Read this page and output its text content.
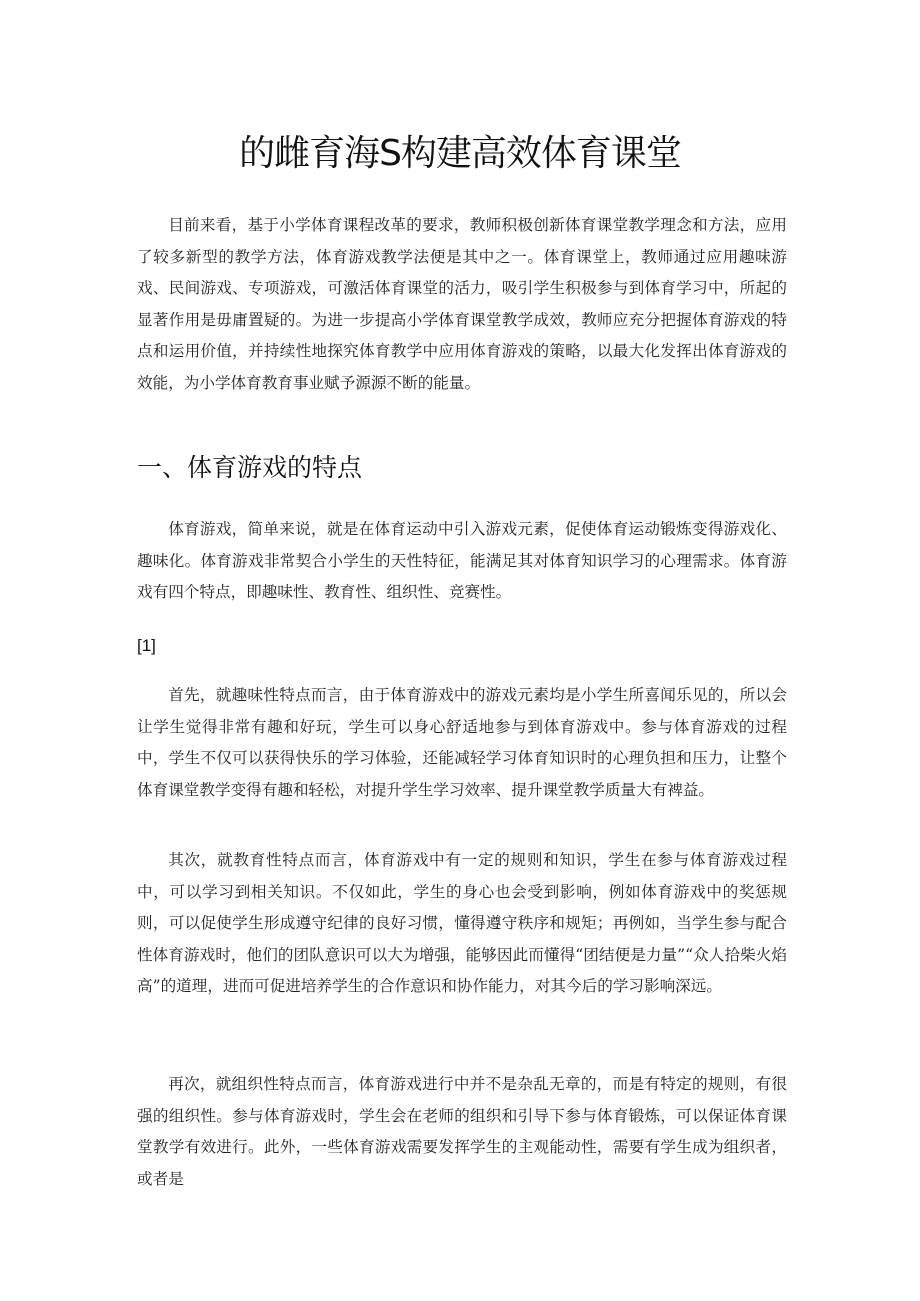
的雌育海S构建高效体育课堂

目前来看，基于小学体育课程改革的要求，教师积极创新体育课堂教学理念和方法，应用了较多新型的教学方法，体育游戏教学法便是其中之一。体育课堂上，教师通过应用趣味游戏、民间游戏、专项游戏，可激活体育课堂的活力，吸引学生积极参与到体育学习中，所起的显著作用是毋庸置疑的。为进一步提高小学体育课堂教学成效，教师应充分把握体育游戏的特点和运用价值，并持续性地探究体育教学中应用体育游戏的策略，以最大化发挥出体育游戏的效能，为小学体育教育事业赋予源源不断的能量。

一、体育游戏的特点

体育游戏，简单来说，就是在体育运动中引入游戏元素，促使体育运动锻炼变得游戏化、趣味化。体育游戏非常契合小学生的天性特征，能满足其对体育知识学习的心理需求。体育游戏有四个特点，即趣味性、教育性、组织性、竞赛性。

[1]

首先，就趣味性特点而言，由于体育游戏中的游戏元素均是小学生所喜闻乐见的，所以会让学生觉得非常有趣和好玩，学生可以身心舒适地参与到体育游戏中。参与体育游戏的过程中，学生不仅可以获得快乐的学习体验，还能减轻学习体育知识时的心理负担和压力，让整个体育课堂教学变得有趣和轻松，对提升学生学习效率、提升课堂教学质量大有裨益。

其次，就教育性特点而言，体育游戏中有一定的规则和知识，学生在参与体育游戏过程中，可以学习到相关知识。不仅如此，学生的身心也会受到影响，例如体育游戏中的奖惩规则，可以促使学生形成遵守纪律的良好习惯，懂得遵守秩序和规矩；再例如，当学生参与配合性体育游戏时，他们的团队意识可以大为增强，能够因此而懂得“团结便是力量”“众人拾柴火焰高”的道理，进而可促进培养学生的合作意识和协作能力，对其今后的学习影响深远。

再次，就组织性特点而言，体育游戏进行中并不是杂乱无章的，而是有特定的规则，有很强的组织性。参与体育游戏时，学生会在老师的组织和引导下参与体育锻炼，可以保证体育课堂教学有效进行。此外，一些体育游戏需要发挥学生的主观能动性，需要有学生成为组织者，或者是
